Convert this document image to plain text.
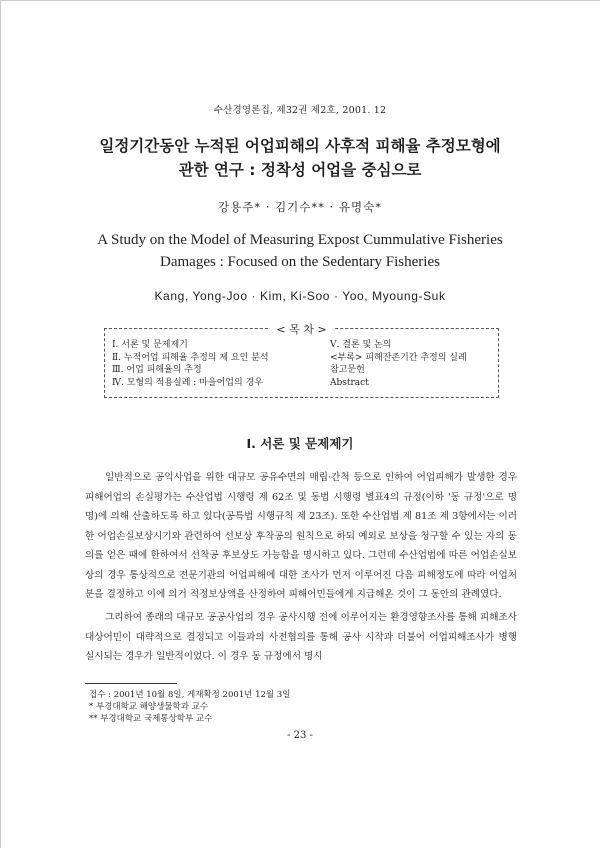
수산경영론집, 제32권 제2호, 2001. 12
일정기간동안 누적된 어업피해의 사후적 피해율 추정모형에
관한 연구 : 정착성 어업을 중심으로
강용주* · 김기수** · 유명숙*
A Study on the Model of Measuring Expost Cummulative Fisheries
Damages : Focused on the Sedentary Fisheries
Kang, Yong-Joo · Kim, Ki-Soo · Yoo, Myoung-Suk
< 목 차 >
Ⅰ. 서론 및 문제제기
Ⅱ. 누적어업 피해율 추정의 제 요인 분석
Ⅲ. 어업 피해율의 추정
Ⅳ. 모형의 적용실례 : 마을어업의 경우
Ⅴ. 결론 및 논의
<부록> 피해잔존기간 추정의 실례
참고문헌
Abstract
Ⅰ. 서론 및 문제제기

일반적으로 공익사업을 위한 대규모 공유수면의 매립·간척 등으로 인하여 어업피해가 발생한 경우 피해어업의 손실평가는 수산업법 시행령 제 62조 및 동법 시행령 별표4의 규정(이하 '동 규정'으로 명명)에 의해 산출하도록 하고 있다(공특법 시행규칙 제 23조). 또한 수산업법 제 81조 제 3항에서는 이러한 어업손실보상시기와 관련하여 선보상 후착공의 원칙으로 하되 예외로 보상을 청구할 수 있는 자의 동의를 얻은 때에 한하여서 선착공 후보상도 가능함을 명시하고 있다. 그런데 수산업법에 따른 어업손실보상의 경우 통상적으로 전문기관의 어업피해에 대한 조사가 먼저 이루어진 다음 피해정도에 따라 어업처분을 결정하고 이에 의거 적정보상액을 산정하여 피해어민들에게 지급해온 것이 그 동안의 관례였다.

그리하여 종래의 대규모 공공사업의 경우 공사시행 전에 이루어지는 환경영향조사를 통해 피해조사 대상어민이 대략적으로 결정되고 이들과의 사전협의를 통해 공사 시작과 더불어 어업피해조사가 병행 실시되는 경우가 일반적이었다. 이 경우 동 규정에서 명시

접수 : 2001년 10월 8일, 게재확정 2001년 12월 3일
* 부경대학교 해양생물학과 교수
** 부경대학교 국제통상학부 교수
- 23 -
